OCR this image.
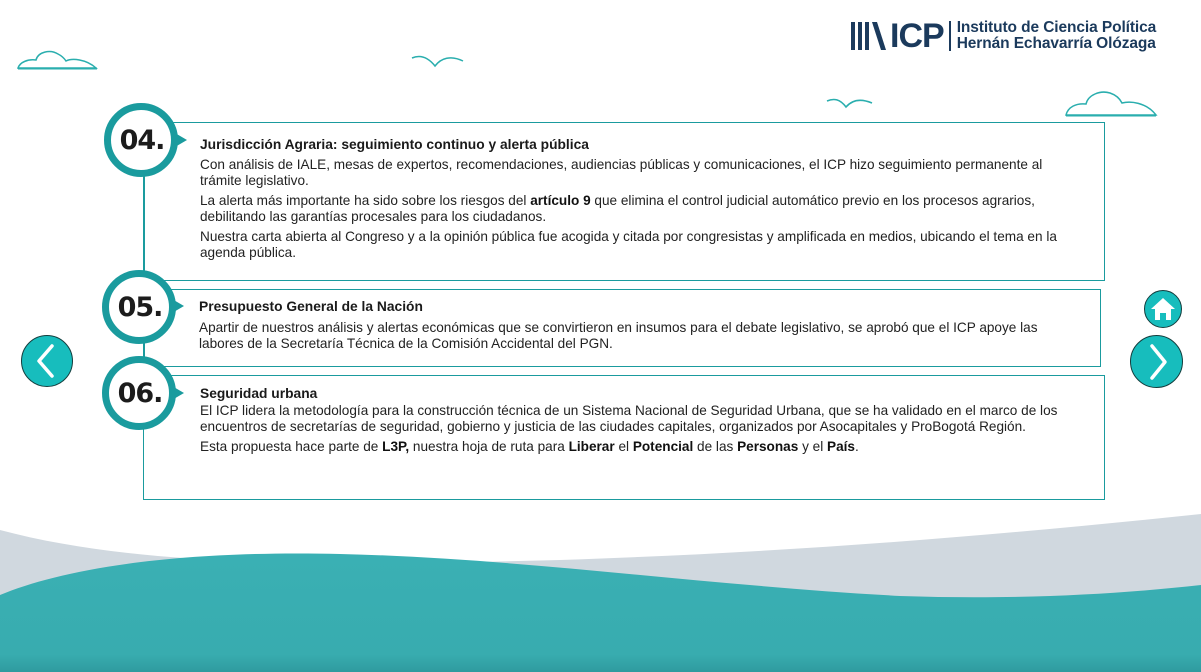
ICP Instituto de Ciencia Política
Hernán Echavarría Olózaga
04.	Jurisdicción Agraria: seguimiento continuo y alerta pública
Con análisis de IALE, mesas de expertos, recomendaciones, audiencias públicas y comunicaciones, el ICP hizo seguimiento permanente al trámite legislativo.
La alerta más importante ha sido sobre los riesgos del artículo 9 que elimina el control judicial automático previo en los procesos agrarios, debilitando las garantías procesales para los ciudadanos.
Nuestra carta abierta al Congreso y a la opinión pública fue acogida y citada por congresistas y amplificada en medios, ubicando el tema en la agenda pública.
05.	Presupuesto General de la Nación
Apartir de nuestros análisis y alertas económicas que se convirtieron en insumos para el debate legislativo, se aprobó que el ICP apoye las labores de la Secretaría Técnica de la Comisión Accidental del PGN.
06.	Seguridad urbana
El ICP lidera la metodología para la construcción técnica de un Sistema Nacional de Seguridad Urbana, que se ha validado en el marco de los encuentros de secretarías de seguridad, gobierno y justicia de las ciudades capitales, organizados por Asocapitales y ProBogotá Región.
Esta propuesta hace parte de L3P, nuestra hoja de ruta para Liberar el Potencial de las Personas y el País.
